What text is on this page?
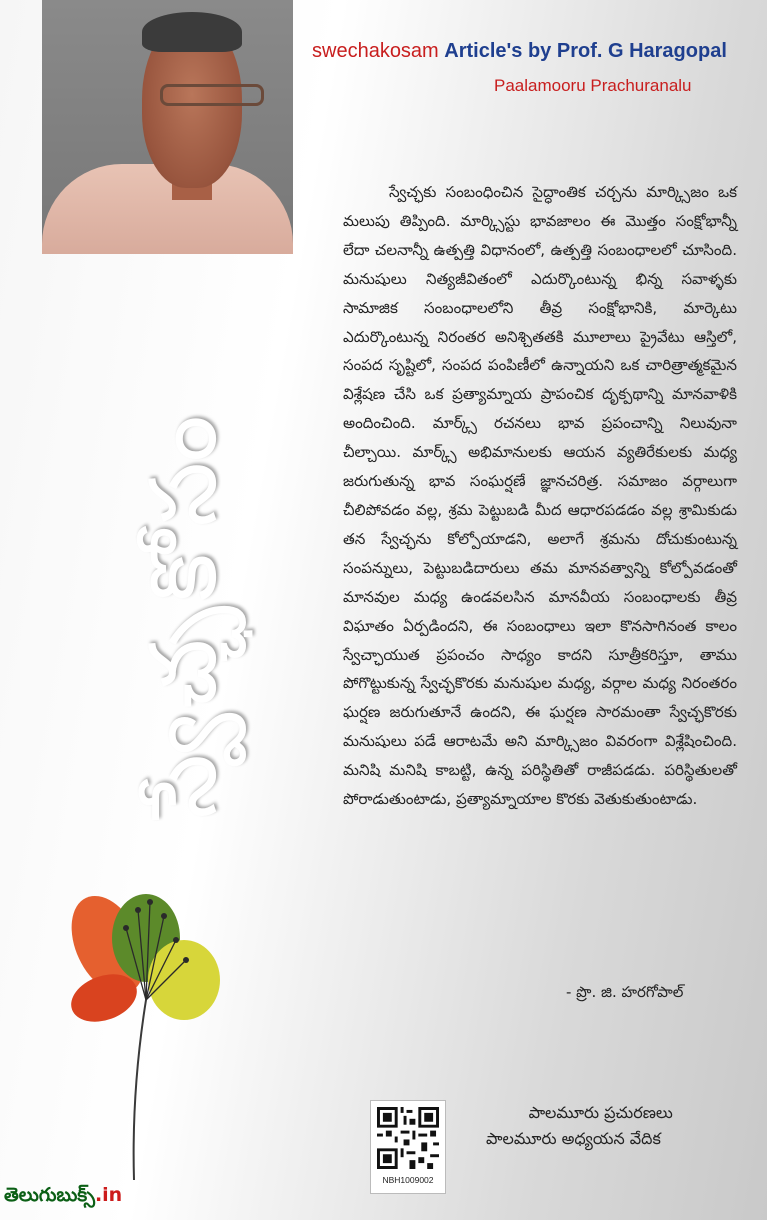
swechakosam Article's by Prof. G Haragopal
Paalamooru Prachuranalu
స్వేచ్ఛకోసం
స్వేచ్ఛకు సంబంధించిన సైద్ధాంతిక చర్చను మార్క్సిజం ఒక మలుపు తిప్పింది. మార్క్సిస్టు భావజాలం ఈ మొత్తం సంక్షోభాన్నీ లేదా చలనాన్నీ ఉత్పత్తి విధానంలో, ఉత్పత్తి సంబంధాలలో చూసింది. మనుషులు నిత్యజీవితంలో ఎదుర్కొంటున్న భిన్న సవాళ్ళకు సామాజిక సంబంధాలలోని తీవ్ర సంక్షోభానికి, మార్కెటు ఎదుర్కొంటున్న నిరంతర అనిశ్చితతకి మూలాలు ప్రైవేటు ఆస్తిలో, సంపద సృష్టిలో, సంపద పంపిణీలో ఉన్నాయని ఒక చారిత్రాత్మకమైన విశ్లేషణ చేసి ఒక ప్రత్యామ్నాయ ప్రాపంచిక దృక్పథాన్ని మానవాళికి అందించింది. మార్క్స్ రచనలు భావ ప్రపంచాన్ని నిలువునా చీల్చాయి. మార్క్స్ అభిమానులకు ఆయన వ్యతిరేకులకు మధ్య జరుగుతున్న భావ సంఘర్షణే జ్ఞానచరిత్ర. సమాజం వర్గాలుగా చీలిపోవడం వల్ల, శ్రమ పెట్టుబడి మీద ఆధారపడడం వల్ల శ్రామికుడు తన స్వేచ్ఛను కోల్పోయాడని, అలాగే శ్రమను దోచుకుంటున్న సంపన్నులు, పెట్టుబడిదారులు తమ మానవత్వాన్ని కోల్పోవడంతో మానవుల మధ్య ఉండవలసిన మానవీయ సంబంధాలకు తీవ్ర విఘాతం ఏర్పడిందని, ఈ సంబంధాలు ఇలా కొనసాగినంత కాలం స్వేచ్ఛాయుత ప్రపంచం సాధ్యం కాదని సూత్రీకరిస్తూ, తాము పోగొట్టుకున్న స్వేచ్ఛకొరకు మనుషుల మధ్య, వర్గాల మధ్య నిరంతరం ఘర్షణ జరుగుతూనే ఉందని, ఈ ఘర్షణ సారమంతా స్వేచ్ఛకొరకు మనుషులు పడే ఆరాటమే అని మార్క్సిజం వివరంగా విశ్లేషించింది. మనిషి మనిషి కాబట్టి, ఉన్న పరిస్థితితో రాజీపడడు. పరిస్థితులతో పోరాడుతుంటాడు, ప్రత్యామ్నాయాల కొరకు వెతుకుతుంటాడు.
- ప్రొ. జి. హరగోపాల్
NBH1009002
పాలమూరు ప్రచురణలు
పాలమూరు అధ్యయన వేదిక
తెలుగుబుక్స్.in
